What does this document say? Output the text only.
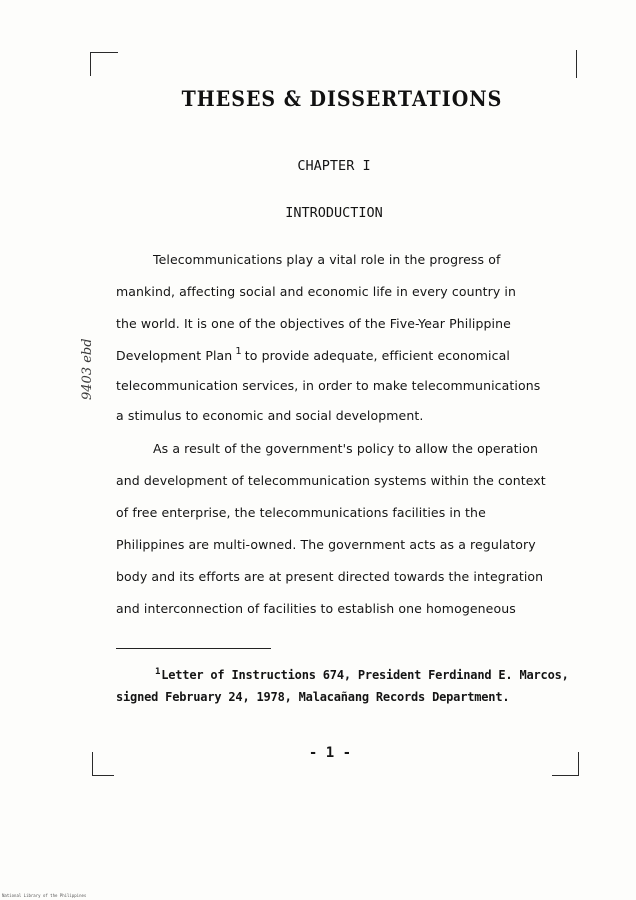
THESES & DISSERTATIONS
CHAPTER I
INTRODUCTION
Telecommunications play a vital role in the progress of
mankind, affecting social and economic life in every country in
the world. It is one of the objectives of the Five-Year Philippine
Development Plan $^1$ to provide adequate, efficient economical
telecommunication services, in order to make telecommunications
a stimulus to economic and social development.
As a result of the government's policy to allow the operation
and development of telecommunication systems within the context
of free enterprise, the telecommunications facilities in the
Philippines are multi-owned. The government acts as a regulatory
body and its efforts are at present directed towards the integration
and interconnection of facilities to establish one homogeneous
$^1$Letter of Instructions 674, President Ferdinand E. Marcos,
signed February 24, 1978, Malacañang Records Department.
- 1 -
9403 ebd
National Library of the Philippines
